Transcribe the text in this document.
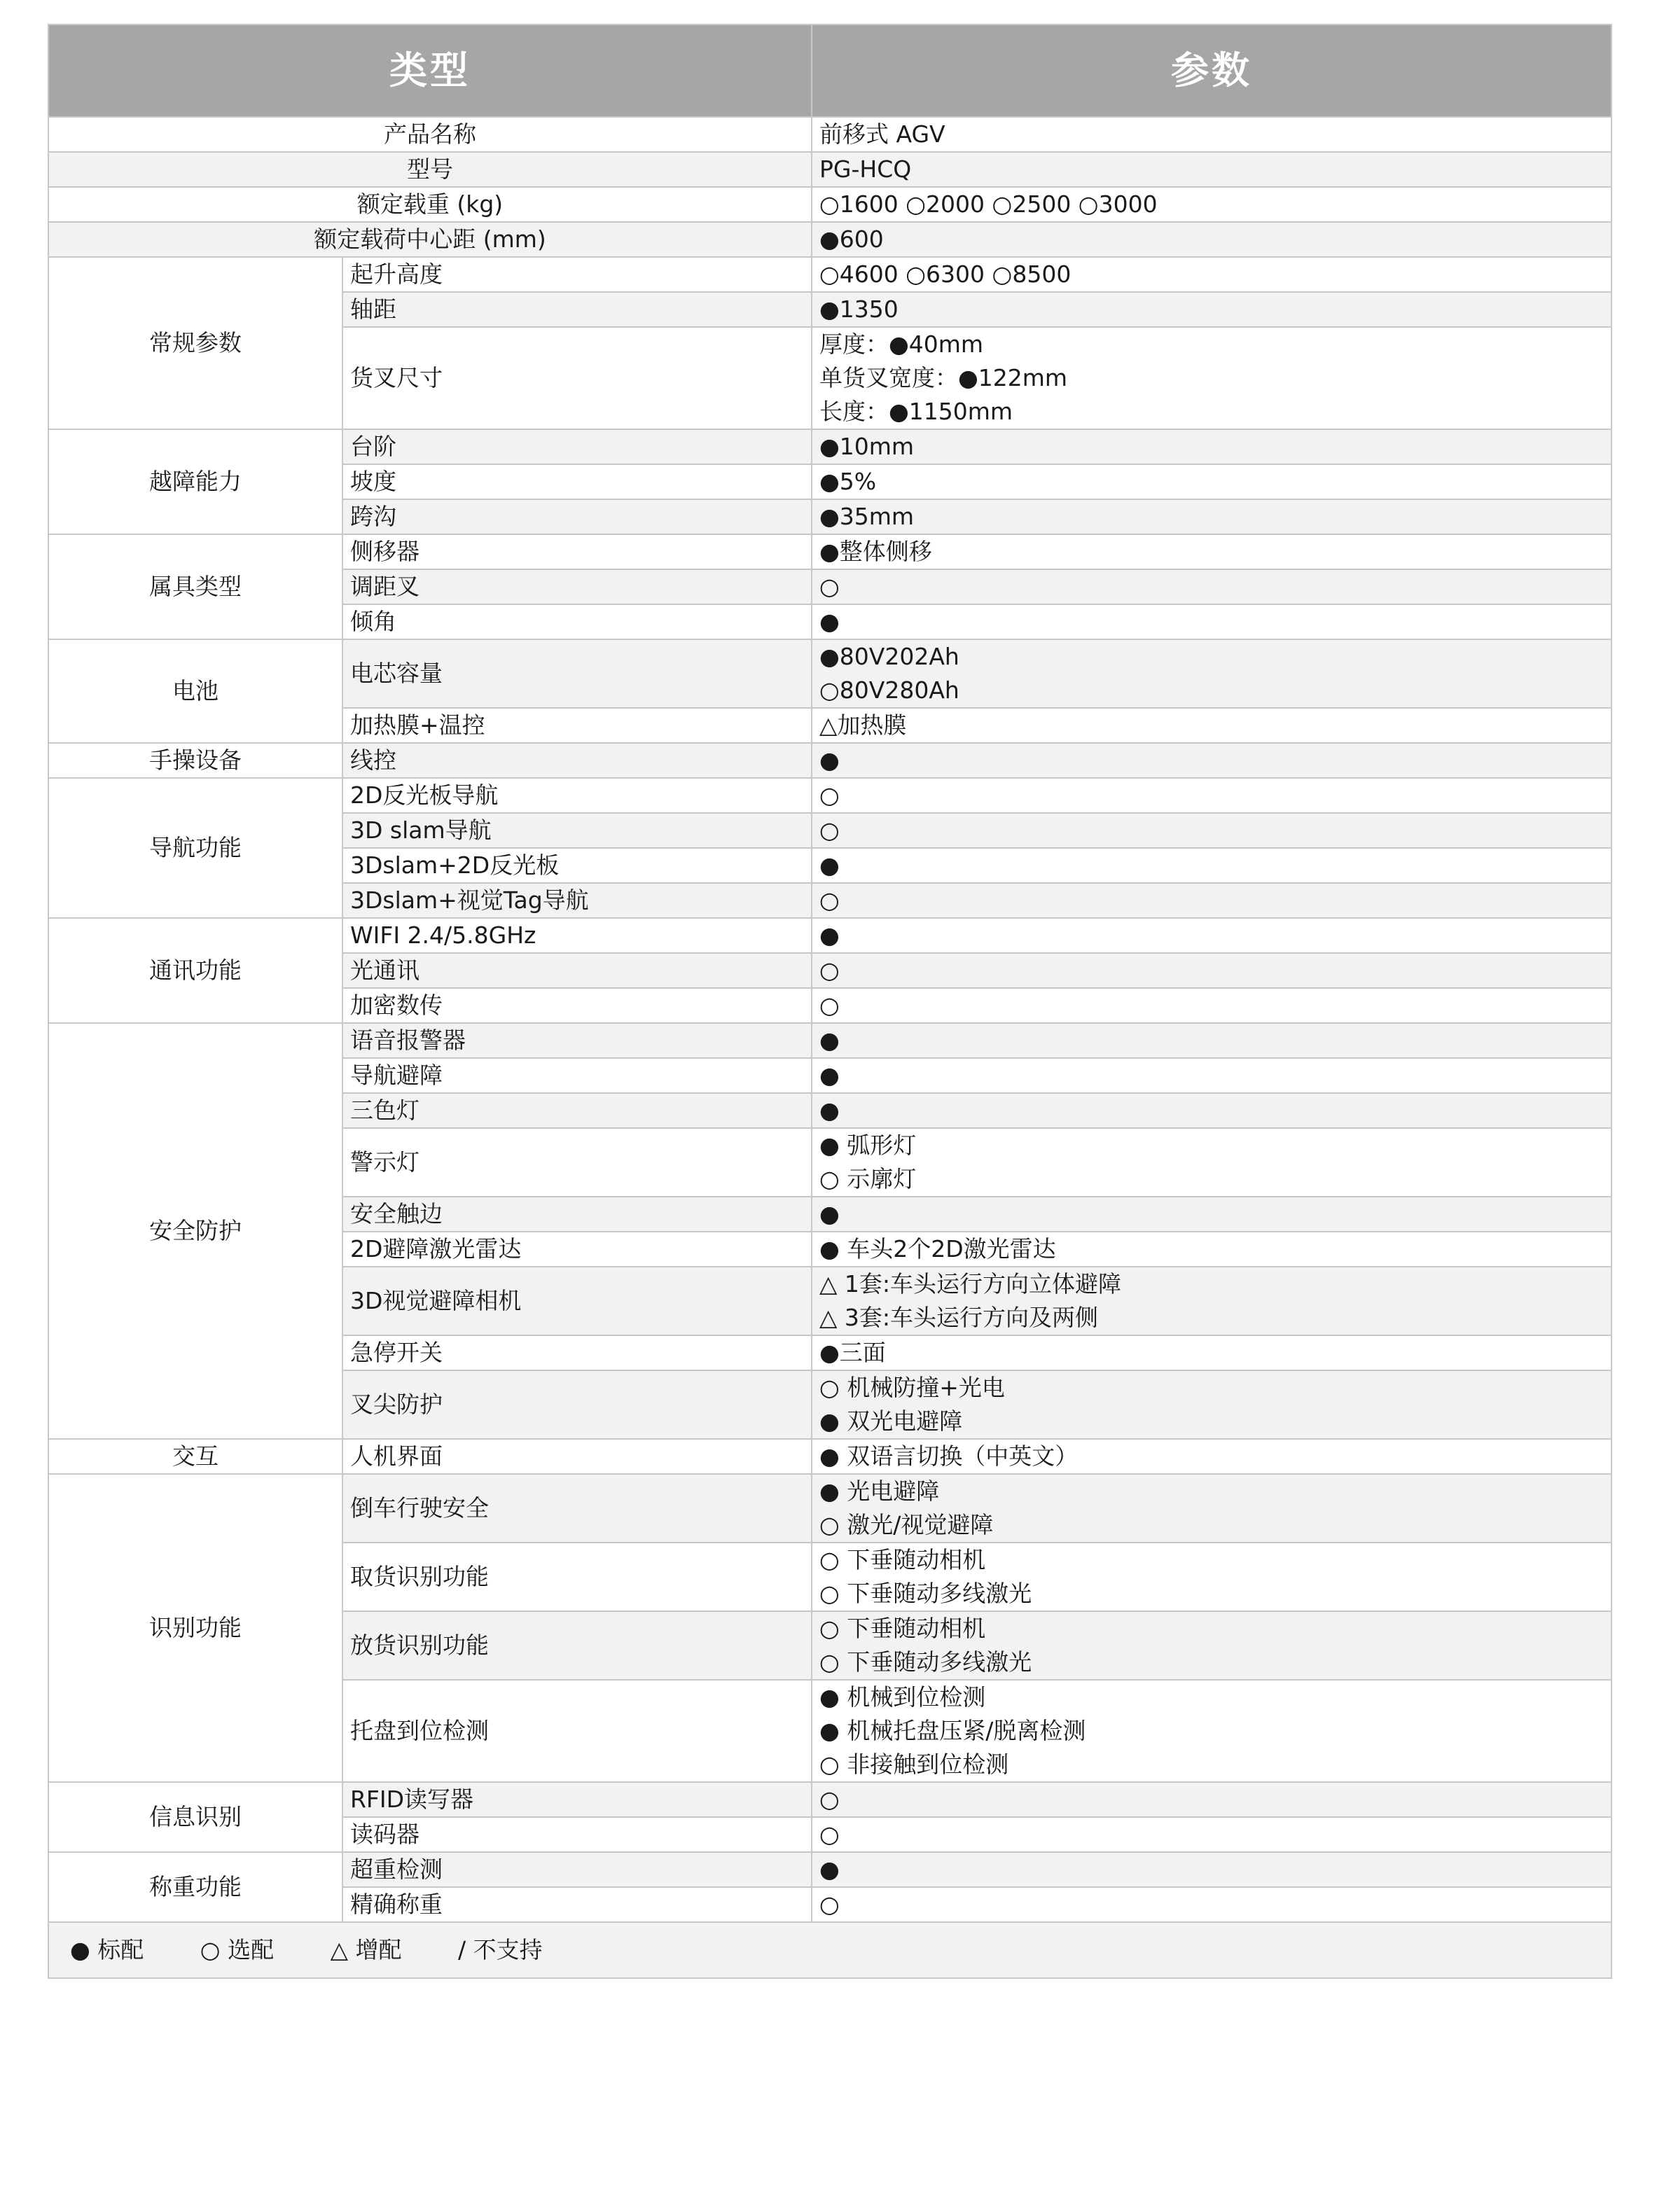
类型		参数
产品名称		前移式 AGV
型号		PG-HCQ
额定载重 (kg)		○1600 ○2000 ○2500 ○3000
额定载荷中心距 (mm)		●600
常规参数	起升高度	○4600 ○6300 ○8500

	轴距	●1350

	货叉尺寸	厚度：●40mm
单货叉宽度：●122mm
长度：●1150mm

越障能力	台阶	●10mm

	坡度	●5%

	跨沟	●35mm

属具类型	侧移器	●整体侧移

	调距叉	○

	倾角	●

电池	电芯容量	●80V202Ah
○80V280Ah

	加热膜+温控	△加热膜

手操设备	线控	●

导航功能	2D反光板导航	○

	3D slam导航	○

	3Dslam+2D反光板	●

	3Dslam+视觉Tag导航	○

通讯功能	WIFI 2.4/5.8GHz	●

	光通讯	○

	加密数传	○

安全防护	语音报警器	●

	导航避障	●

	三色灯	●

	警示灯	● 弧形灯
○ 示廓灯

	安全触边	●

	2D避障激光雷达	● 车头2个2D激光雷达

	3D视觉避障相机	△ 1套:车头运行方向立体避障
△ 3套:车头运行方向及两侧

	急停开关	●三面

	叉尖防护	○ 机械防撞+光电
● 双光电避障

交互	人机界面	● 双语言切换（中英文）

识别功能	倒车行驶安全	● 光电避障
○ 激光/视觉避障

	取货识别功能	○ 下垂随动相机
○ 下垂随动多线激光

	放货识别功能	○ 下垂随动相机
○ 下垂随动多线激光

	托盘到位检测	● 机械到位检测
● 机械托盘压紧/脱离检测
○ 非接触到位检测

信息识别	RFID读写器	○

	读码器	○

称重功能	超重检测	●

	精确称重	○

● 标配 ○ 选配 △ 增配 / 不支持		
